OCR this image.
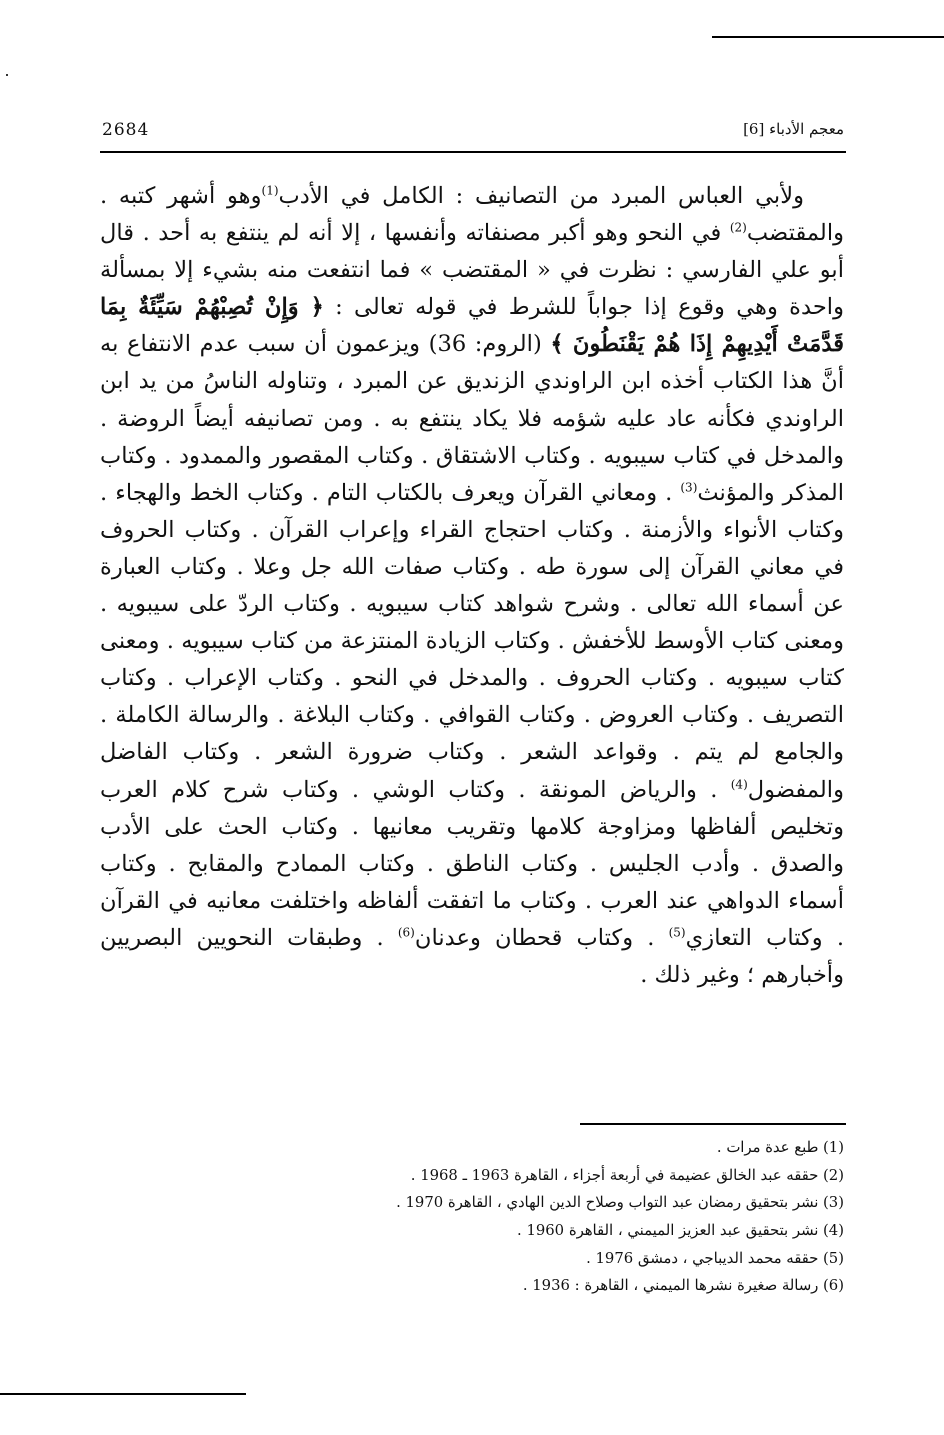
2684	معجم الأدباء [6]

ولأبي العباس المبرد من التصانيف : الكامل في الأدب$^{(1)}$وهو أشهر كتبه . والمقتضب$^{(2)}$ في النحو وهو أكبر مصنفاته وأنفسها ، إلا أنه لم ينتفع به أحد . قال أبو علي الفارسي : نظرت في « المقتضب » فما انتفعت منه بشيء إلا بمسألة واحدة وهي وقوع إذا جواباً للشرط في قوله تعالى : ﴿ وَإِنْ تُصِبْهُمْ سَيِّئَةٌ بِمَا قَدَّمَتْ أَيْدِيهِمْ إِذَا هُمْ يَقْنَطُونَ ﴾ (الروم: 36) ويزعمون أن سبب عدم الانتفاع به أنَّ هذا الكتاب أخذه ابن الراوندي الزنديق عن المبرد ، وتناوله الناسُ من يد ابن الراوندي فكأنه عاد عليه شؤمه فلا يكاد ينتفع به . ومن تصانيفه أيضاً الروضة . والمدخل في كتاب سيبويه . وكتاب الاشتقاق . وكتاب المقصور والممدود . وكتاب المذكر والمؤنث$^{(3)}$ . ومعاني القرآن ويعرف بالكتاب التام . وكتاب الخط والهجاء . وكتاب الأنواء والأزمنة . وكتاب احتجاج القراء وإعراب القرآن . وكتاب الحروف في معاني القرآن إلى سورة طه . وكتاب صفات الله جل وعلا . وكتاب العبارة عن أسماء الله تعالى . وشرح شواهد كتاب سيبويه . وكتاب الردّ على سيبويه . ومعنى كتاب الأوسط للأخفش . وكتاب الزيادة المنتزعة من كتاب سيبويه . ومعنى كتاب سيبويه . وكتاب الحروف . والمدخل في النحو . وكتاب الإعراب . وكتاب التصريف . وكتاب العروض . وكتاب القوافي . وكتاب البلاغة . والرسالة الكاملة . والجامع لم يتم . وقواعد الشعر . وكتاب ضرورة الشعر . وكتاب الفاضل والمفضول$^{(4)}$ . والرياض المونقة . وكتاب الوشي . وكتاب شرح كلام العرب وتخليص ألفاظها ومزاوجة كلامها وتقريب معانيها . وكتاب الحث على الأدب والصدق . وأدب الجليس . وكتاب الناطق . وكتاب الممادح والمقابح . وكتاب أسماء الدواهي عند العرب . وكتاب ما اتفقت ألفاظه واختلفت معانيه في القرآن . وكتاب التعازي$^{(5)}$ . وكتاب قحطان وعدنان$^{(6)}$ . وطبقات النحويين البصريين وأخبارهم ؛ وغير ذلك .

(1) طبع عدة مرات .
(2) حققه عبد الخالق عضيمة في أربعة أجزاء ، القاهرة 1963 ـ 1968 .
(3) نشر بتحقيق رمضان عبد التواب وصلاح الدين الهادي ، القاهرة 1970 .
(4) نشر بتحقيق عبد العزيز الميمني ، القاهرة 1960 .
(5) حققه محمد الديباجي ، دمشق 1976 .
(6) رسالة صغيرة نشرها الميمني ، القاهرة : 1936 .
